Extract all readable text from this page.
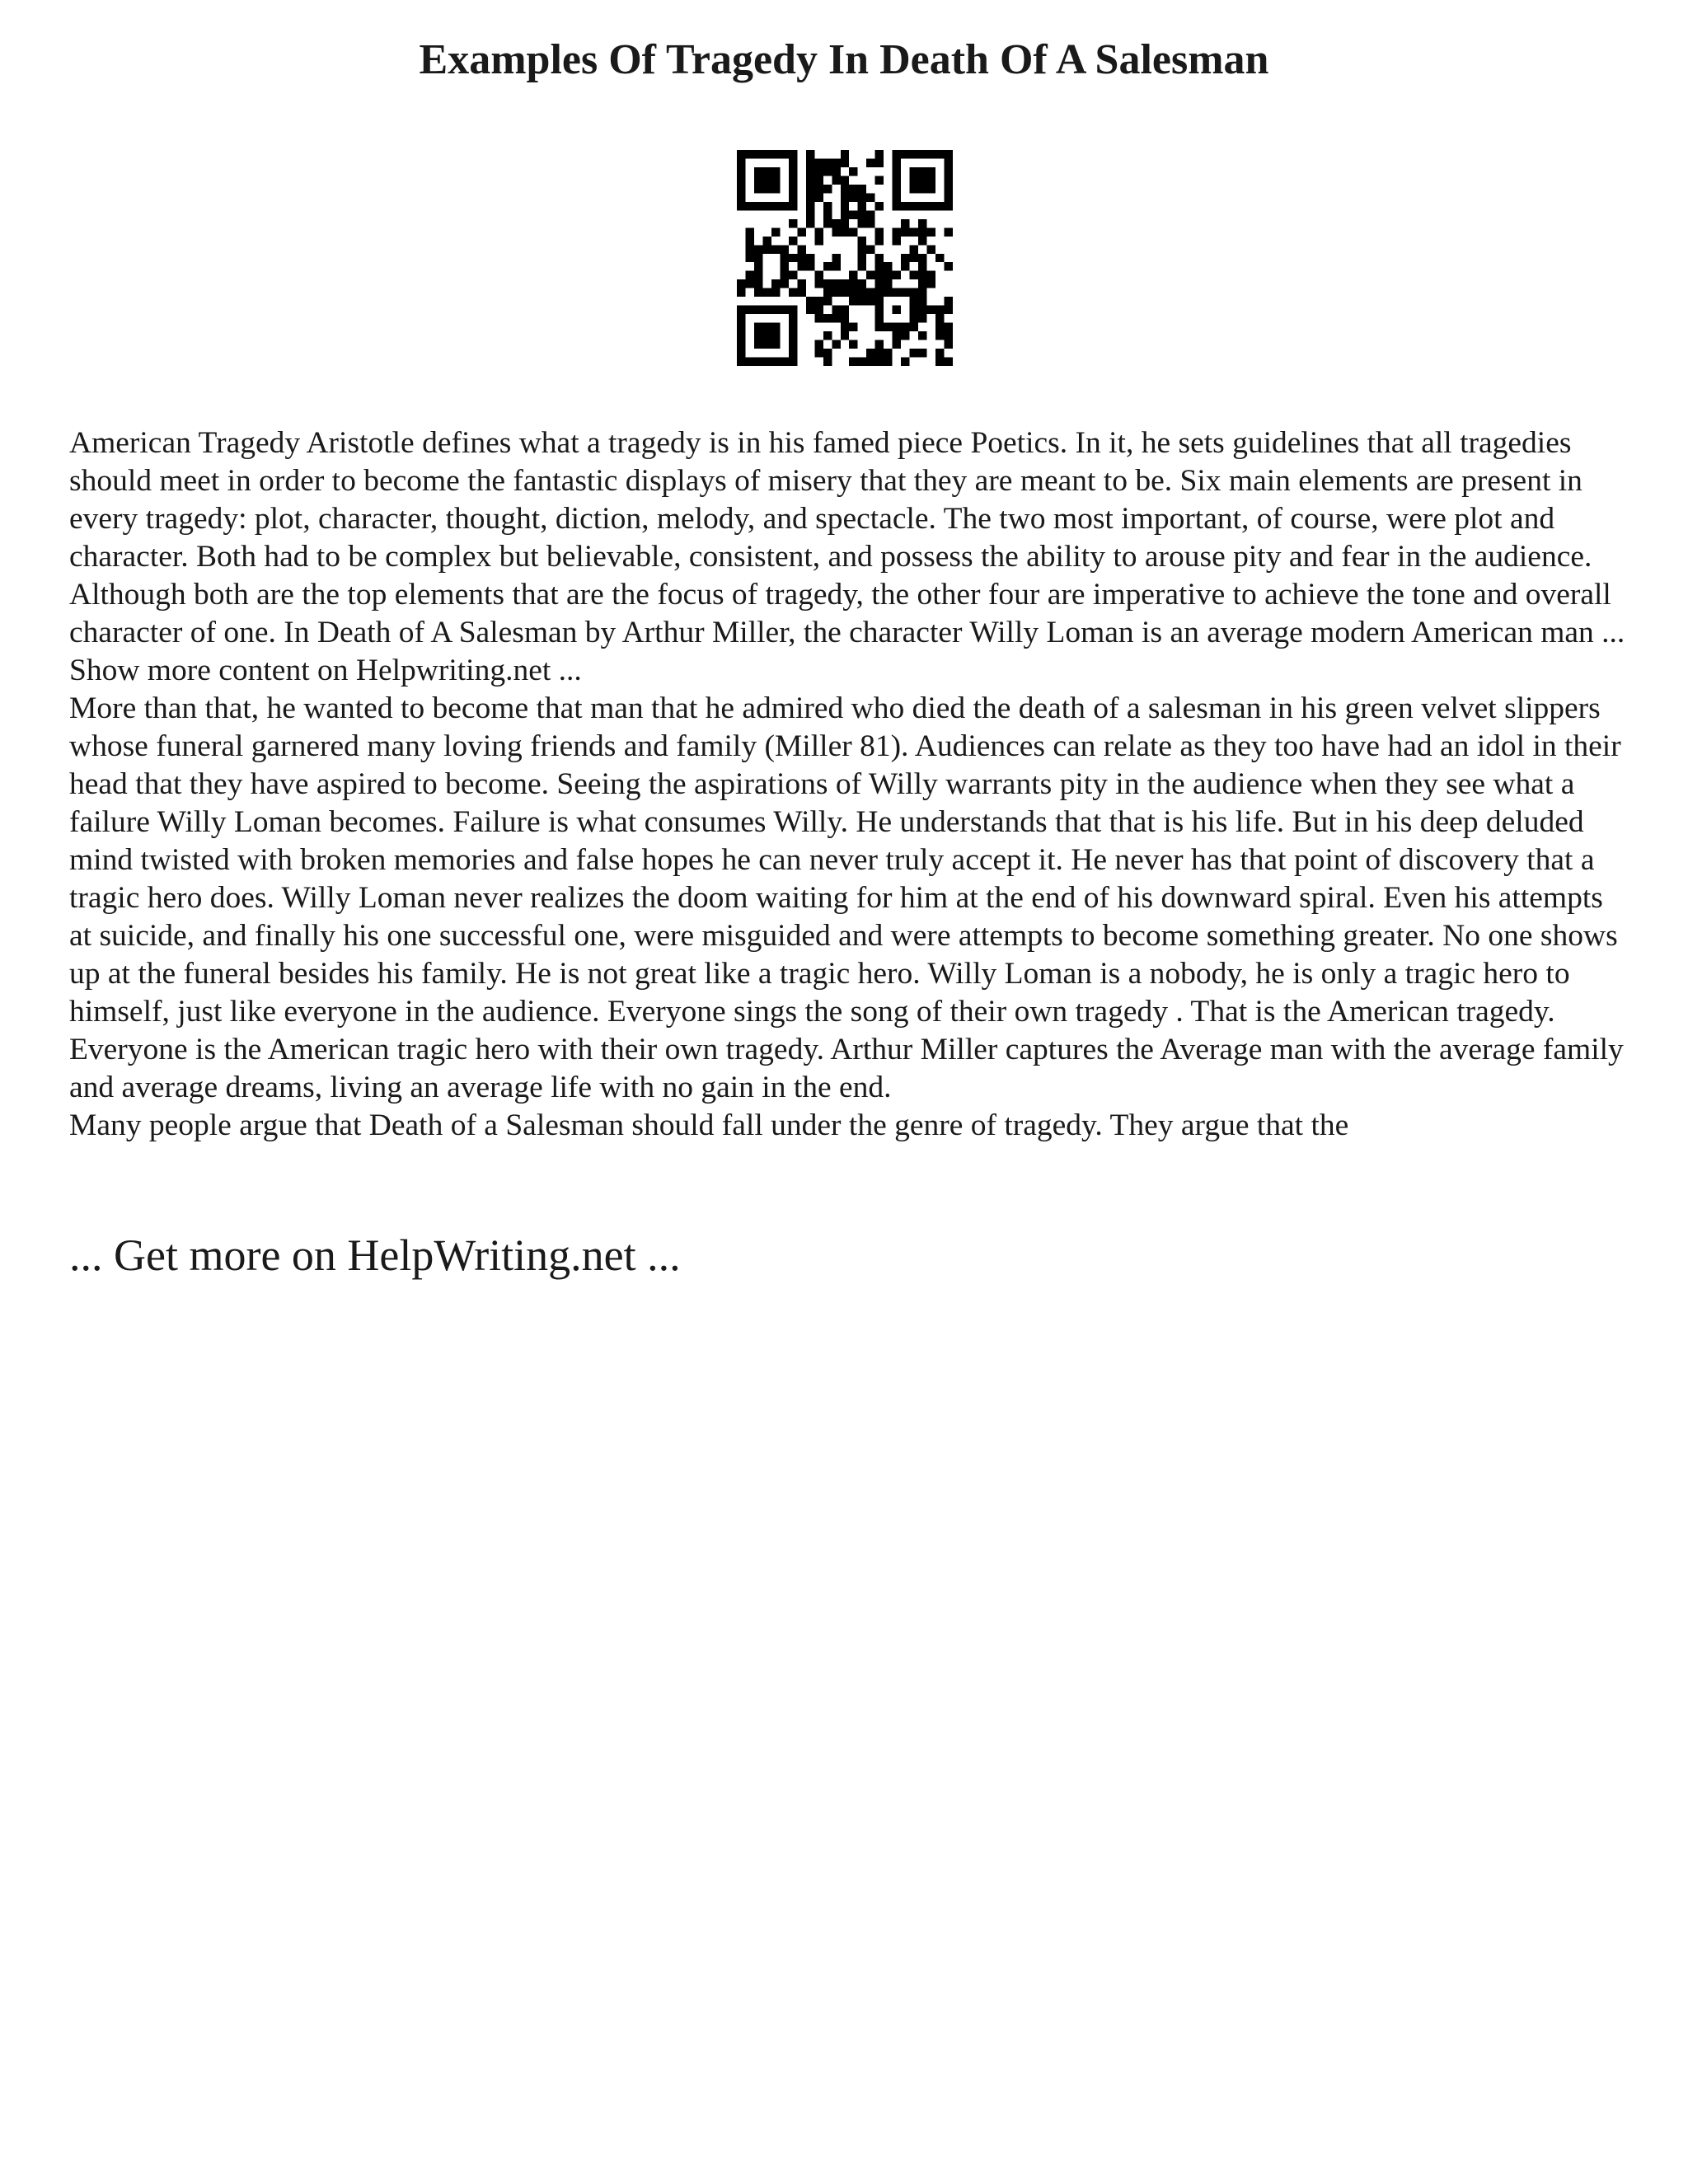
Examples Of Tragedy In Death Of A Salesman

American Tragedy Aristotle defines what a tragedy is in his famed piece Poetics. In it, he sets guidelines that all tragedies should meet in order to become the fantastic displays of misery that they are meant to be. Six main elements are present in every tragedy: plot, character, thought, diction, melody, and spectacle. The two most important, of course, were plot and character. Both had to be complex but believable, consistent, and possess the ability to arouse pity and fear in the audience. Although both are the top elements that are the focus of tragedy, the other four are imperative to achieve the tone and overall character of one. In Death of A Salesman by Arthur Miller, the character Willy Loman is an average modern American man ... Show more content on Helpwriting.net ...

More than that, he wanted to become that man that he admired who died the death of a salesman in his green velvet slippers whose funeral garnered many loving friends and family (Miller 81). Audiences can relate as they too have had an idol in their head that they have aspired to become. Seeing the aspirations of Willy warrants pity in the audience when they see what a failure Willy Loman becomes. Failure is what consumes Willy. He understands that that is his life. But in his deep deluded mind twisted with broken memories and false hopes he can never truly accept it. He never has that point of discovery that a tragic hero does. Willy Loman never realizes the doom waiting for him at the end of his downward spiral. Even his attempts at suicide, and finally his one successful one, were misguided and were attempts to become something greater. No one shows up at the funeral besides his family. He is not great like a tragic hero. Willy Loman is a nobody, he is only a tragic hero to himself, just like everyone in the audience. Everyone sings the song of their own tragedy . That is the American tragedy. Everyone is the American tragic hero with their own tragedy. Arthur Miller captures the Average man with the average family and average dreams, living an average life with no gain in the end.

Many people argue that Death of a Salesman should fall under the genre of tragedy. They argue that the

... Get more on HelpWriting.net ...
